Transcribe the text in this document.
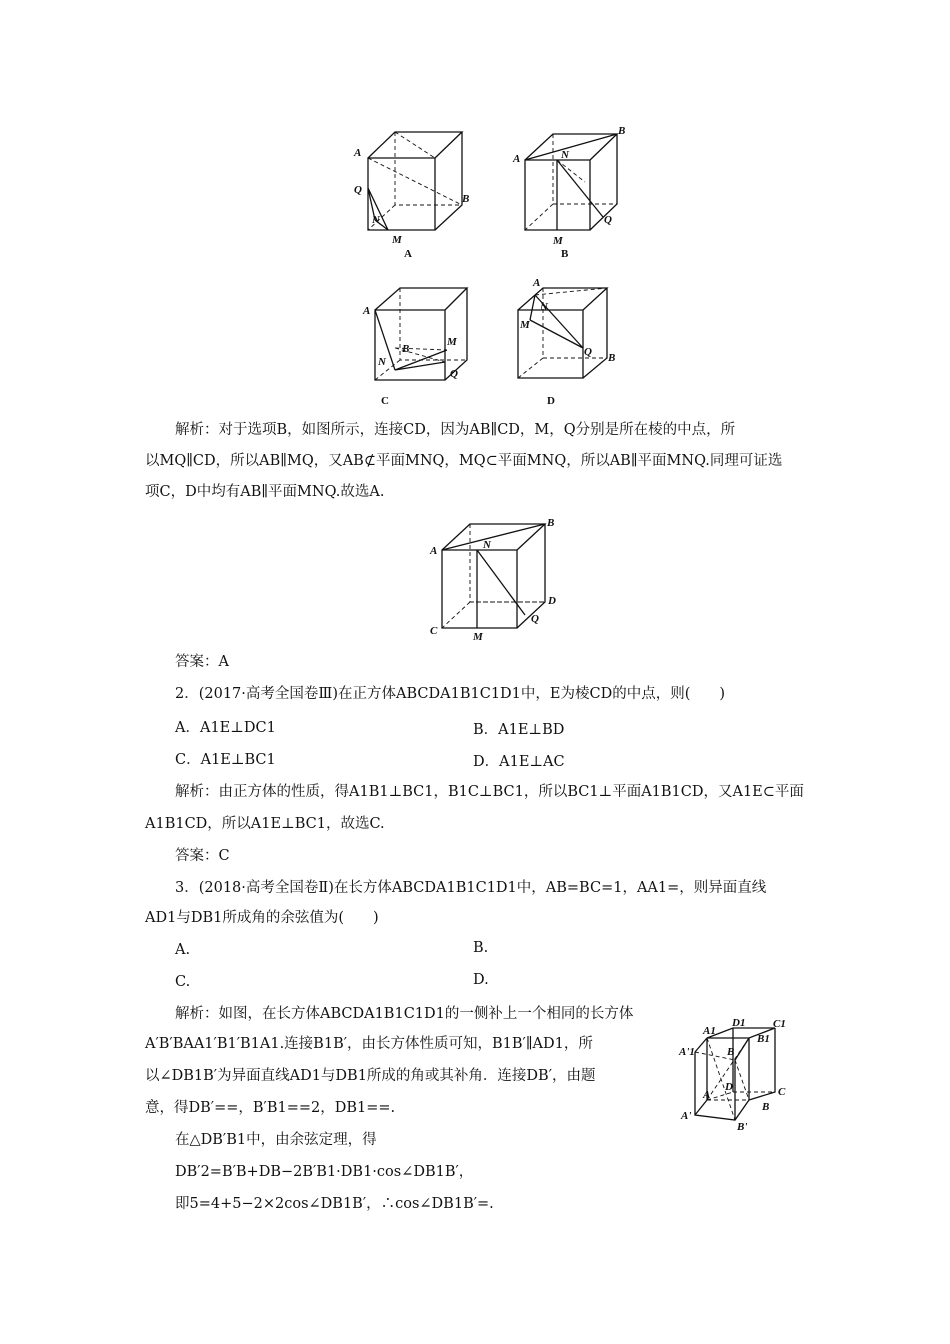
A
Q
N
M
B
A
A	N
B
M
Q
B
A
M
B
N
Q
C
A
N
M
Q B
D
解析：对于选项B，如图所示，连接CD，因为AB∥CD，M，Q分别是所在棱的中点，所
以MQ∥CD，所以AB∥MQ，又AB⊄平面MNQ，MQ⊂平面MNQ，所以AB∥平面MNQ.同理可证选
项C，D中均有AB∥平面MNQ.故选A.
A	N
B
D
C	M
Q
答案：A
2．(2017·高考全国卷Ⅲ)在正方体ABCDA1B1C1D1中，E为棱CD的中点，则(　　)
A．A1E⊥DC1	B．A1E⊥BD
C．A1E⊥BC1	D．A1E⊥AC
解析：由正方体的性质，得A1B1⊥BC1，B1C⊥BC1，所以BC1⊥平面A1B1CD，又A1E⊂平面
A1B1CD，所以A1E⊥BC1，故选C.
答案：C
3．(2018·高考全国卷Ⅱ)在长方体ABCDA1B1C1D1中，AB=BC=1，AA1=，则异面直线
AD1与DB1所成角的余弦值为(　　)
A.	B.
C.	D.
解析：如图，在长方体ABCDA1B1C1D1的一侧补上一个相同的长方体
A′B′BAA1′B1′B1A1.连接B1B′，由长方体性质可知，B1B′∥AD1，所
以∠DB1B′为异面直线AD1与DB1所成的角或其补角．连接DB′，由题
意，得DB′==，B′B1==2，DB1==.
在△DB′B1中，由余弦定理，得
DB′2=B′B+DB−2B′B1·DB1·cos∠DB1B′，
即5=4+5−2×2cos∠DB1B′，∴cos∠DB1B′=.
D1	C1
A1
B1
A'1	B
C
A
D
B
A'
B'
